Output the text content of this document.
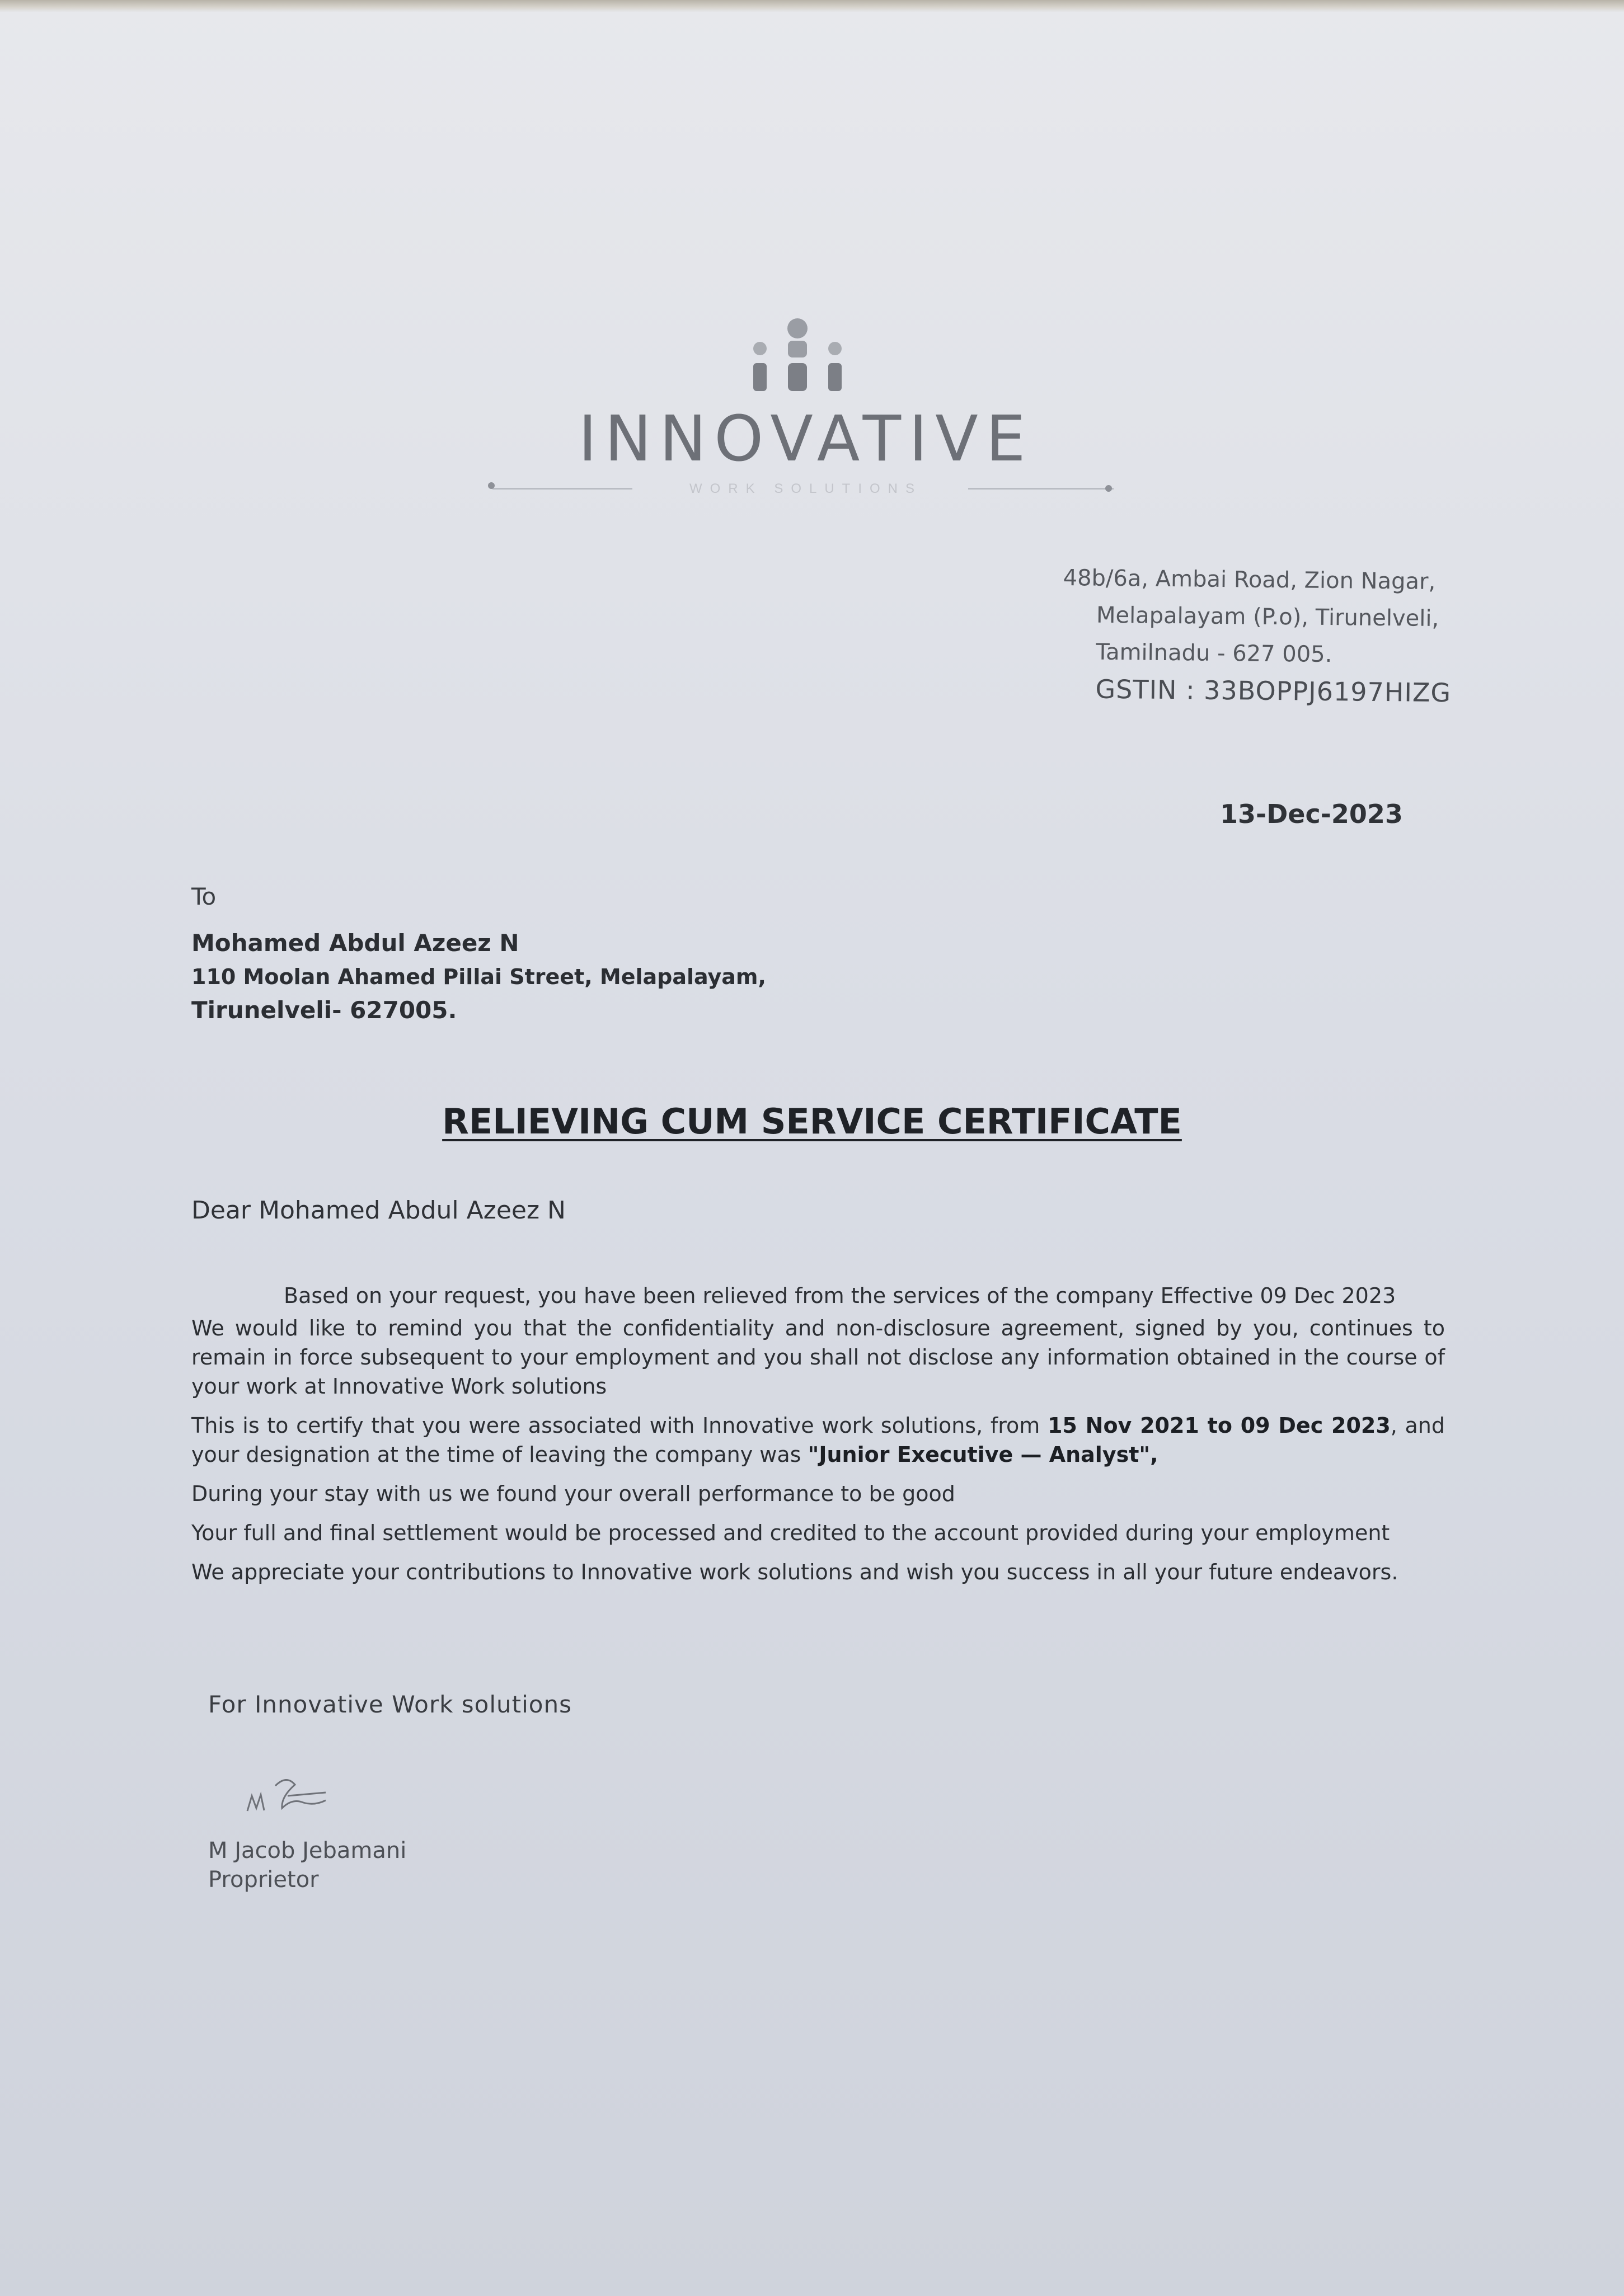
INNOVATIVE
WORK SOLUTIONS
48b/6a, Ambai Road, Zion Nagar,
Melapalayam (P.o), Tirunelveli,
Tamilnadu - 627 005.
GSTIN : 33BOPPJ6197HIZG
13-Dec-2023
To
Mohamed Abdul Azeez N
110 Moolan Ahamed Pillai Street, Melapalayam,
Tirunelveli- 627005.
RELIEVING CUM SERVICE CERTIFICATE
Dear Mohamed Abdul Azeez N

Based on your request, you have been relieved from the services of the company Effective 09 Dec 2023

We would like to remind you that the confidentiality and non-disclosure agreement, signed by you, continues to remain in force subsequent to your employment and you shall not disclose any information obtained in the course of your work at Innovative Work solutions

This is to certify that you were associated with Innovative work solutions, from 15 Nov 2021 to 09 Dec 2023, and your designation at the time of leaving the company was "Junior Executive — Analyst",

During your stay with us we found your overall performance to be good

Your full and final settlement would be processed and credited to the account provided during your employment

We appreciate your contributions to Innovative work solutions and wish you success in all your future endeavors.

For Innovative Work solutions
M Jacob Jebamani
Proprietor
